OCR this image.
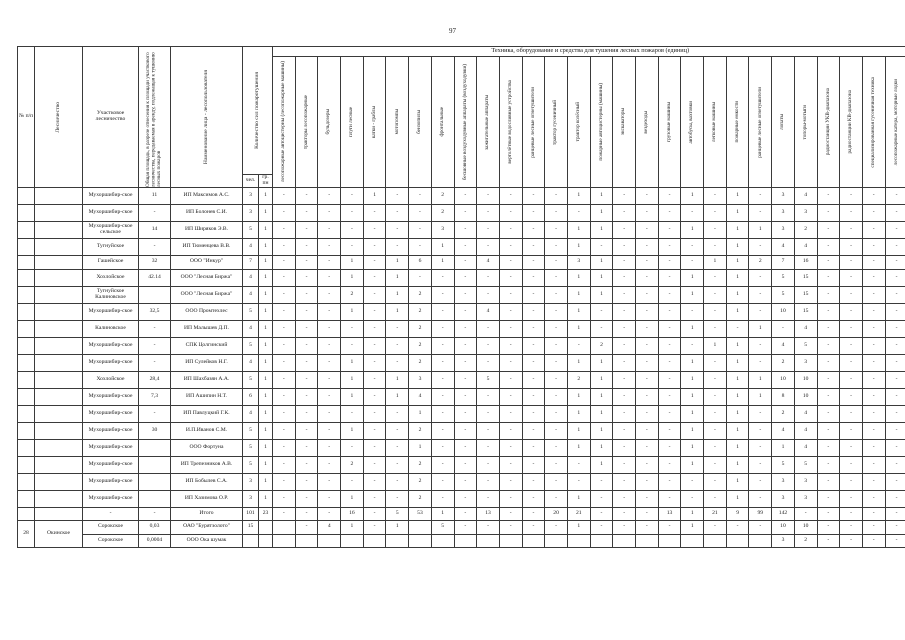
97
№ п/п	Лесничество	Участковое лесничество	Общая площадь, в разрезе отнесения к площади участкового лесничества, передаваемая в аренду, подлежащая к тушению лесных пожаров	Наименование лица - лесопользователя	Количество сил пожаротушения		Техника, оборудование и средства для тушения лесных пожаров (единиц)																											

							лесопожарные автоцистерны (лесопожарные машины)	тракторы лесопожарные	бульдозеры	плуги лесные	катки - граблы	мотопомпы	бензопилы	фронтальные	бесшовные воздуходувные аппараты (воздуходувки)	зажигательные аппараты	вертолётные водосливные устройства	ранцевые лесные огнетушители	трактор гусеничный	трактор колёсный	пожарные автоцистерны (машины)	экскаваторы	вездеходы	грузовые машины	автобусы, вахтовки	легковые машины	пожарные емкости	ранцевые лесные огнетушители	лопаты	топоры-мотыги	радиостанции УКВ-диапазона	радиостанции КВ-диапазона	специализированная гусеничная техника	лесопожарные катера, моторные лодки

					чел.	гр. пн																												
		Мухоршибир-ское	11	ИП Максимов А.С.	3	1	-	-	-	-	1	-	-	2	-	-	-	-	-	1	1	-	-	-	1	-	1	-	3	4	-	-	-	-
		Мухоршибир-ское	-	ИП Болонев С.И.	3	1	-	-	-	-	-	-	-	2	-	-	-	-	-	-	1	-	-	-	-	-	1	-	3	3	-	-	-	-
		Мухоршибир-ское сельское	14	ИП Ширяков Э.В.	5	1	-	-	-	-	-	-	-	3	-	-	-	-	-	1	1	-	-	-	1	-	1	1	3	2	-	-	-	-
		Тугнуйское	-	ИП Тюменцева В.В.	4	1	-	-	-	-	-	-	-	1	-	-	-	-	-	1	-	-	-	-	-	-	1	-	4	4	-	-	-	-
		Гашейское	32	ООО "Инкур"	7	1	-	-	-	1	-	1	6	1	-	4	-	-	-	3	1	-	-	-	-	1	1	2	7	16	-	-	-	-
		Хохлойское	42.14	ООО "Лесная Биржа"	4	1	-	-	-	1	-	1	-	-	-	-	-	-	-	1	1	-	-	-	1	-	1	-	5	15	-	-	-	-
		Тугнуйское Калиновское		ООО "Лесная Биржа"	4	1	-	-	-	2	-	1	2	-	-	-	-	-	-	1	1	-	-	-	1	-	1	-	5	15	-	-	-	-
		Мухоршибир-ское	32,5	ООО Промтехлес	5	1	-	-	-	1	-	1	2	-	-	4	-	-	-	1	-	-	-	-	-	-	1	-	10	15	-	-	-	-
		Калиновское	-	ИП Малышев Д.П.	4	1	-	-	-	-	-	-	2	-	-	-	-	-	-	1	-	-	-	-	1	-	-	1	-	4	-	-	-	-
		Мухоршибир-ское	-	СПК Цолгинский	5	1	-	-	-	-	-	-	2	-	-	-	-	-	-	-	2	-	-	-	-	1	1	-	4	5	-	-	-	-
		Мухоршибир-ское	-	ИП Сулейков Н.Г.	4	1	-	-	-	1	-	-	2	-	-	-	-	-	-	1	1	-	-	-	1	-	1	-	2	3	-	-	-	-
		Хохлойское	28,4	ИП Шахбазян А.А.	5	1	-	-	-	1	-	1	3	-	-	5	-	-	-	2	1	-	-	-	1	-	1	1	10	10	-	-	-	-
		Мухоршибир-ское	7,3	ИП Ашипин Н.Т.	6	1	-	-	-	1	-	1	4	-	-	-	-	-	-	1	1	-	-	-	1	-	1	1	8	10	-	-	-	-
		Мухоршибир-ское	-	ИП Павлуцкий Г.К.	4	1	-	-	-	-	-	-	1	-	-	-	-	-	-	1	1	-	-	-	1	-	1	-	2	4	-	-	-	-
		Мухоршибир-ское	30	И.П.Иванов С.М.	5	1	-	-	-	1	-	-	2	-	-	-	-	-	-	1	1	-	-	-	1	-	1	-	4	4	-	-	-	-
		Мухоршибир-ское		ООО Фортуна	5	1	-	-	-	-	-	-	1	-	-	-	-	-	-	1	1	-	-	-	1	-	1	-	1	4	-	-	-	-
		Мухоршибир-ское		ИП Трепезников А.В.	5	1	-	-	-	2	-	-	2	-	-	-	-	-	-	-	1	-	-	-	1	-	1	-	5	5	-	-	-	-
		Мухоршибир-ское		ИП Бобылев С.А.	3	1	-	-	-	-	-	-	2	-	-	-	-	-	-	-	-	-	-	-	-	-	1	-	3	3	-	-	-	-
		Мухоршибир-ское		ИП Хазимова О.Р.	3	1	-	-	-	1	-	-	2	-	-	-	-	-	-	1	-	-	-	-	-	-	1	-	3	3	-	-	-	-
		-	-	Итого	101	23	-	-	-	16	-	5	53	1	-	13	-	-	20	21	-	-	-	13	1	21	9	99	142	-	-	-	-	-
28	Окинское	Сорокское	0,03	ОАО "Бурятзолото"	15			-	4	1	-	1		5	-	-	-	-	-	1	-	-	-	-	1	-	-	-	10	10	-	-	-	-
		Сорокское	0,0004	ООО Ока шумак																									3	2	-	-	-	-
